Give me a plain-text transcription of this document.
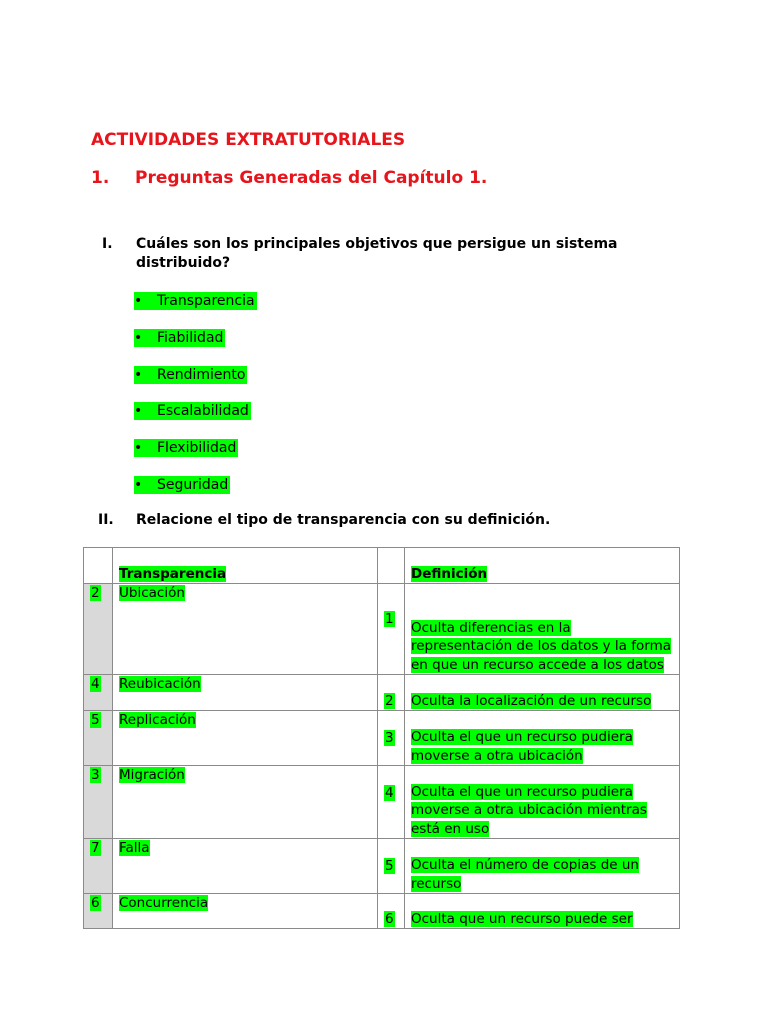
ACTIVIDADES EXTRATUTORIALES
1. Preguntas Generadas del Capítulo 1.
I. Cuáles son los principales objetivos que persigue un sistema
distribuido?
•	Transparencia
•	Fiabilidad
•	Rendimiento
•	Escalabilidad
•	Flexibilidad
•	Seguridad
II. Relacione el tipo de transparencia con su definición.
	Transparencia		Definición
2	Ubicación	1	Oculta diferencias en la representación de los datos y la forma en que un recurso accede a los datos
4	Reubicación	2	Oculta la localización de un recurso
5	Replicación	3	Oculta el que un recurso pudiera moverse a otra ubicación
3	Migración	4	Oculta el que un recurso pudiera moverse a otra ubicación mientras está en uso
7	Falla	5	Oculta el número de copias de un recurso
6	Concurrencia	6	Oculta que un recurso puede ser
